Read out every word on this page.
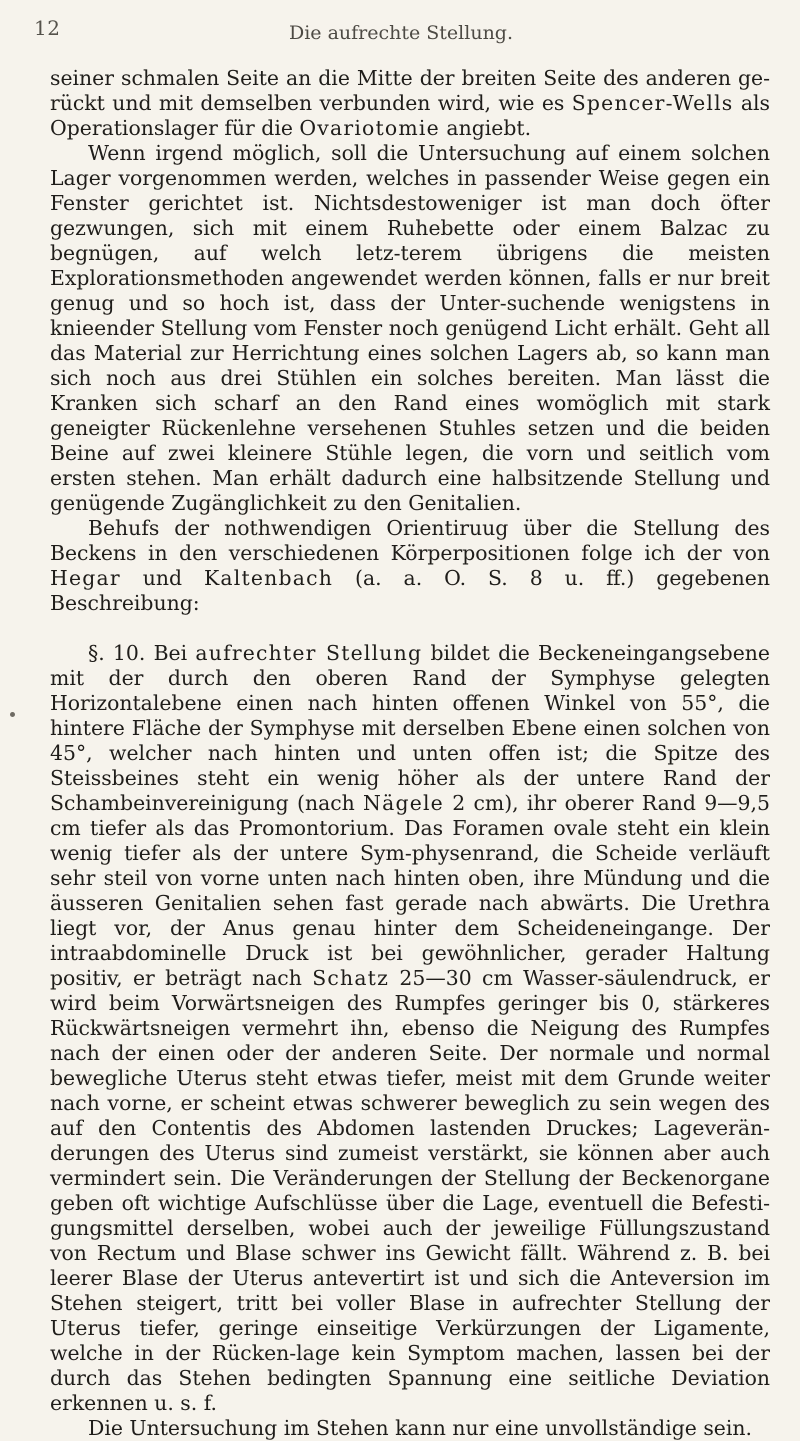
12	Die aufrechte Stellung.

seiner schmalen Seite an die Mitte der breiten Seite des anderen ge-rückt und mit demselben verbunden wird, wie es Spencer-Wells als Operationslager für die Ovariotomie angiebt.

Wenn irgend möglich, soll die Untersuchung auf einem solchen Lager vorgenommen werden, welches in passender Weise gegen ein Fenster gerichtet ist. Nichtsdestoweniger ist man doch öfter gezwungen, sich mit einem Ruhebette oder einem Balzac zu begnügen, auf welch letz-terem übrigens die meisten Explorationsmethoden angewendet werden können, falls er nur breit genug und so hoch ist, dass der Unter-suchende wenigstens in knieender Stellung vom Fenster noch genügend Licht erhält. Geht all das Material zur Herrichtung eines solchen Lagers ab, so kann man sich noch aus drei Stühlen ein solches bereiten. Man lässt die Kranken sich scharf an den Rand eines womöglich mit stark geneigter Rückenlehne versehenen Stuhles setzen und die beiden Beine auf zwei kleinere Stühle legen, die vorn und seitlich vom ersten stehen. Man erhält dadurch eine halbsitzende Stellung und genügende Zugänglichkeit zu den Genitalien.

Behufs der nothwendigen Orientiruug über die Stellung des Beckens in den verschiedenen Körperpositionen folge ich der von Hegar und Kaltenbach (a. a. O. S. 8 u. ff.) gegebenen Beschreibung:

§. 10. Bei aufrechter Stellung bildet die Beckeneingangsebene mit der durch den oberen Rand der Symphyse gelegten Horizontalebene einen nach hinten offenen Winkel von 55°, die hintere Fläche der Symphyse mit derselben Ebene einen solchen von 45°, welcher nach hinten und unten offen ist; die Spitze des Steissbeines steht ein wenig höher als der untere Rand der Schambeinvereinigung (nach Nägele 2 cm), ihr oberer Rand 9—9,5 cm tiefer als das Promontorium. Das Foramen ovale steht ein klein wenig tiefer als der untere Sym-physenrand, die Scheide verläuft sehr steil von vorne unten nach hinten oben, ihre Mündung und die äusseren Genitalien sehen fast gerade nach abwärts. Die Urethra liegt vor, der Anus genau hinter dem Scheideneingange. Der intraabdominelle Druck ist bei gewöhnlicher, gerader Haltung positiv, er beträgt nach Schatz 25—30 cm Wasser-säulendruck, er wird beim Vorwärtsneigen des Rumpfes geringer bis 0, stärkeres Rückwärtsneigen vermehrt ihn, ebenso die Neigung des Rumpfes nach der einen oder der anderen Seite. Der normale und normal bewegliche Uterus steht etwas tiefer, meist mit dem Grunde weiter nach vorne, er scheint etwas schwerer beweglich zu sein wegen des auf den Contentis des Abdomen lastenden Druckes; Lageverän-derungen des Uterus sind zumeist verstärkt, sie können aber auch vermindert sein. Die Veränderungen der Stellung der Beckenorgane geben oft wichtige Aufschlüsse über die Lage, eventuell die Befesti-gungsmittel derselben, wobei auch der jeweilige Füllungszustand von Rectum und Blase schwer ins Gewicht fällt. Während z. B. bei leerer Blase der Uterus antevertirt ist und sich die Anteversion im Stehen steigert, tritt bei voller Blase in aufrechter Stellung der Uterus tiefer, geringe einseitige Verkürzungen der Ligamente, welche in der Rücken-lage kein Symptom machen, lassen bei der durch das Stehen bedingten Spannung eine seitliche Deviation erkennen u. s. f.

Die Untersuchung im Stehen kann nur eine unvollständige sein.
